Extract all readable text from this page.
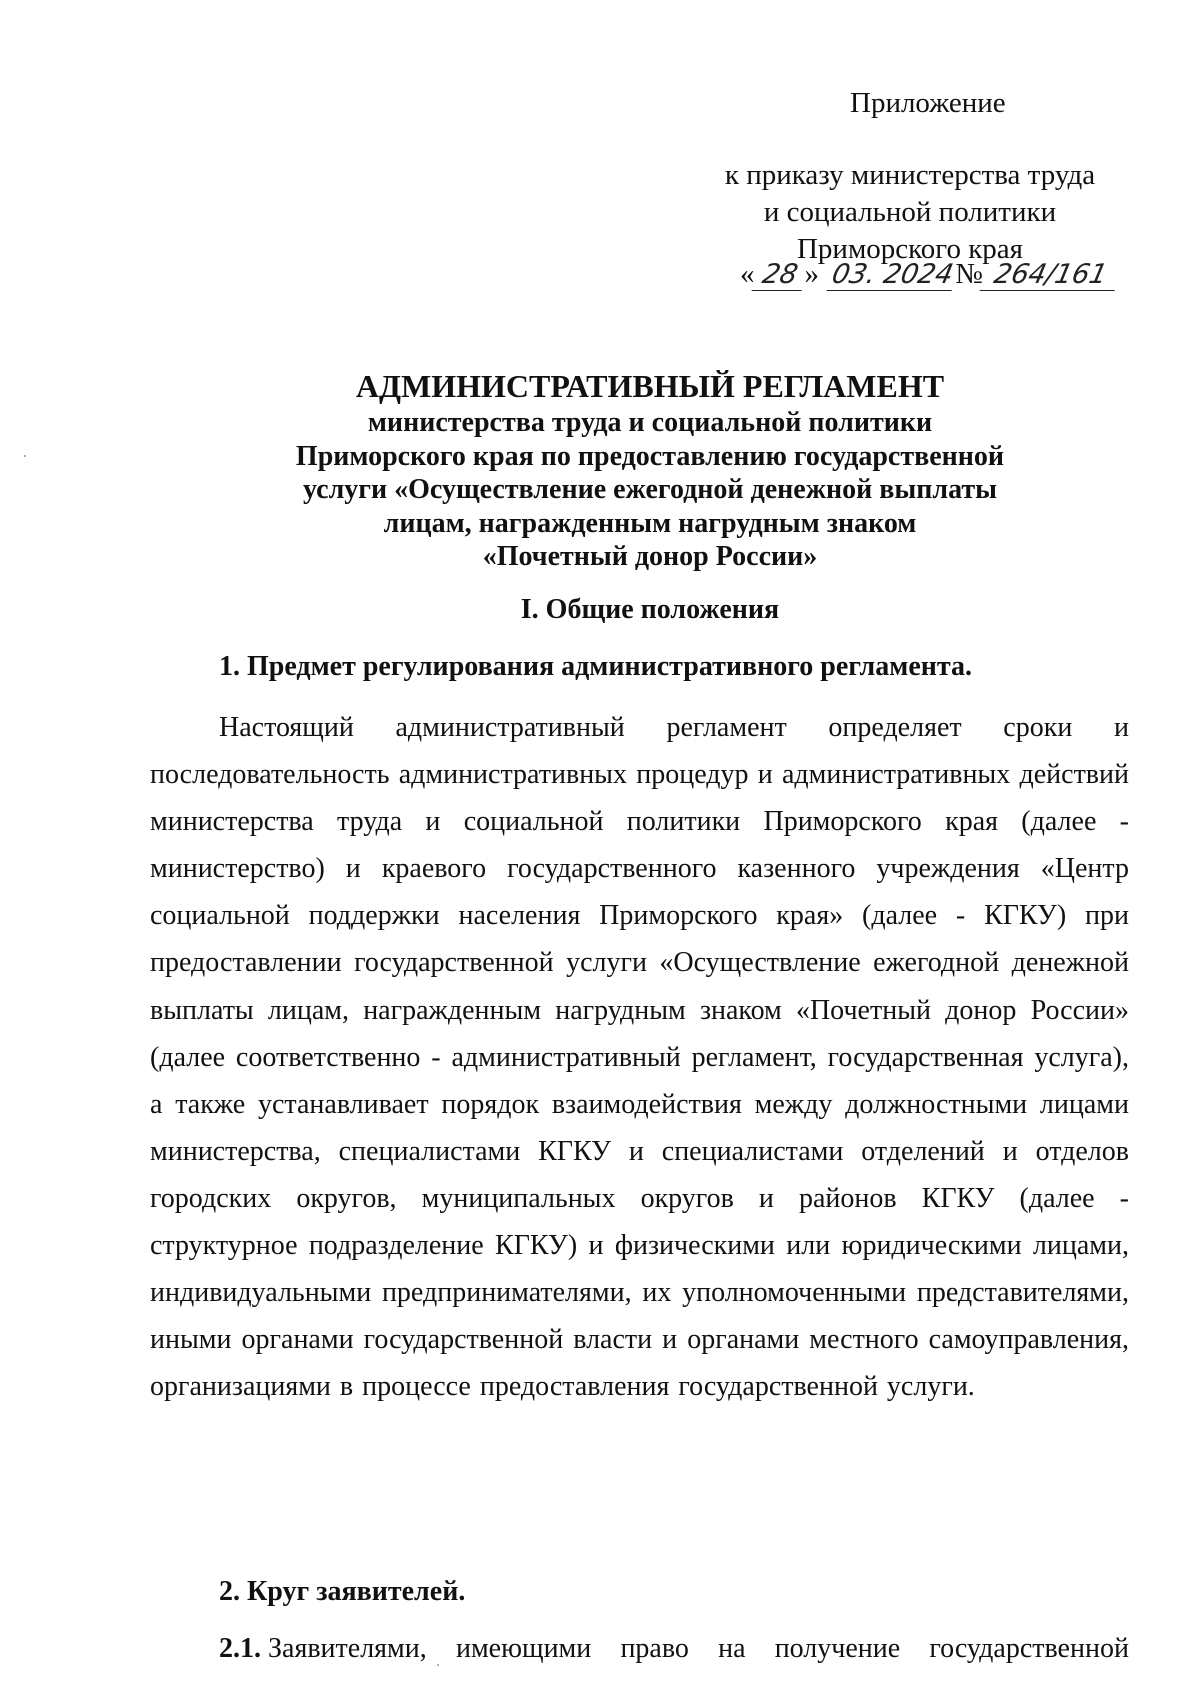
Приложение
к приказу министерства труда
и социальной политики
Приморского края
« 28 » 03. 2024№ 264/161
АДМИНИСТРАТИВНЫЙ РЕГЛАМЕНТ
министерства труда и социальной политики
Приморского края по предоставлению государственной
услуги «Осуществление ежегодной денежной выплаты
лицам, награжденным нагрудным знаком
«Почетный донор России»
I. Общие положения
1. Предмет регулирования административного регламента.
Настоящий административный регламент определяет сроки и последовательность административных процедур и административных действий министерства труда и социальной политики Приморского края (далее - министерство) и краевого государственного казенного учреждения «Центр социальной поддержки населения Приморского края» (далее - КГКУ) при предоставлении государственной услуги «Осуществление ежегодной денежной выплаты лицам, награжденным нагрудным знаком «Почетный донор России» (далее соответственно - административный регламент, государственная услуга), а также устанавливает порядок взаимодействия между должностными лицами министерства, специалистами КГКУ и специалистами отделений и отделов городских округов, муниципальных округов и районов КГКУ (далее - структурное подразделение КГКУ) и физическими или юридическими лицами, индивидуальными предпринимателями, их уполномоченными представителями, иными органами государственной власти и органами местного самоуправления, организациями в процессе предоставления государственной услуги.
2. Круг заявителей.
2.1. Заявителями, имеющими право на получение государственной
